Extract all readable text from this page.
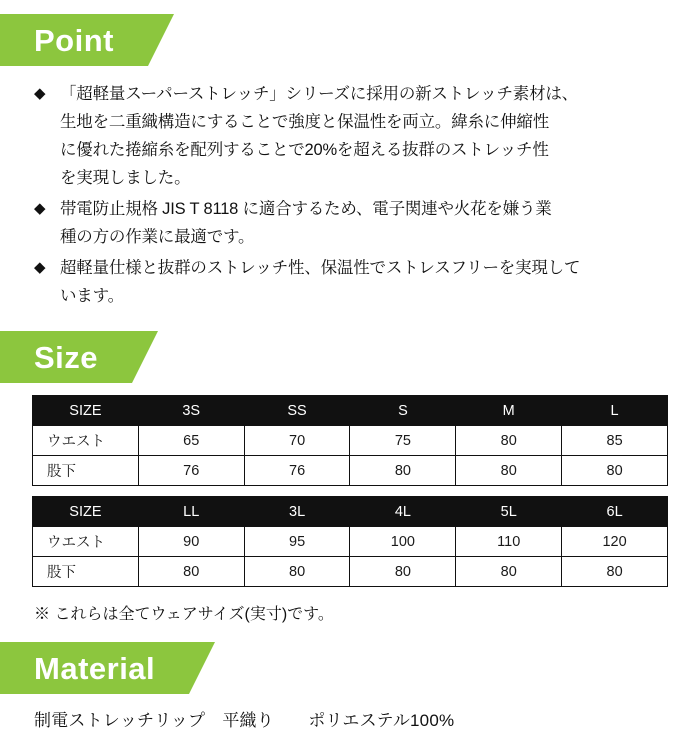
Point
◆ 「超軽量スーパーストレッチ」シリーズに採用の新ストレッチ素材は、
生地を二重織構造にすることで強度と保温性を両立。緯糸に伸縮性
に優れた捲縮糸を配列することで20%を超える抜群のストレッチ性
を実現しました。
◆ 帯電防止規格 JIS T 8118 に適合するため、電子関連や火花を嫌う業
種の方の作業に最適です。
◆ 超軽量仕様と抜群のストレッチ性、保温性でストレスフリーを実現して
います。
Size
SIZE	3S	SS	S	M	L
ウエスト	65	70	75	80	85
股下	76	76	80	80	80
SIZE	LL	3L	4L	5L	6L
ウエスト	90	95	100	110	120
股下	80	80	80	80	80
※ これらは全てウェアサイズ(実寸)です。
Material
制電ストレッチリップ　平織り　　ポリエステル100%
